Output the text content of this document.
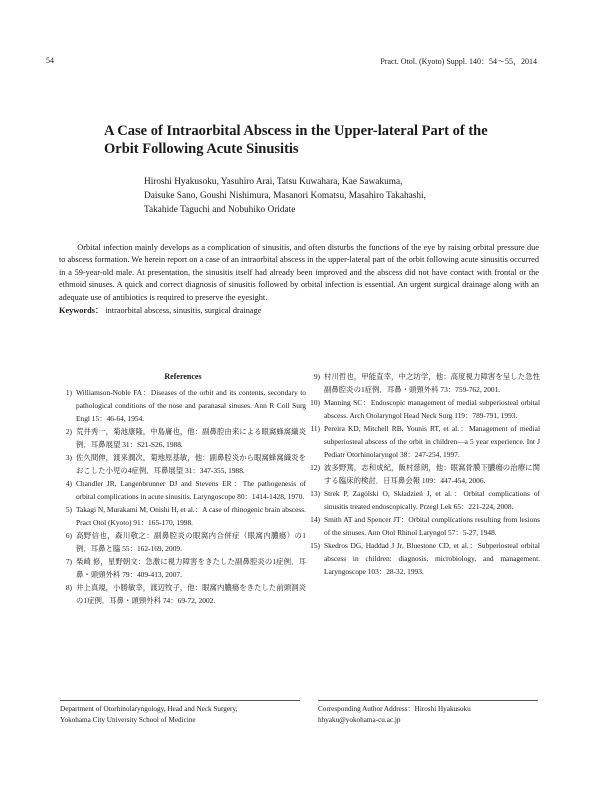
54	Pract. Otol. (Kyoto) Suppl. 140：54～55，2014
A Case of Intraorbital Abscess in the Upper-lateral Part of the Orbit Following Acute Sinusitis
Hiroshi Hyakusoku, Yasuhiro Arai, Tatsu Kuwahara, Kae Sawakuma,
Daisuke Sano, Goushi Nishimura, Masanori Komatsu, Masahiro Takahashi,
Takahide Taguchi and Nobuhiko Oridate

Orbital infection mainly develops as a complication of sinusitis, and often disturbs the functions of the eye by raising orbital pressure due to abscess formation. We herein report on a case of an intraorbital abscess in the upper-lateral part of the orbit following acute sinusitis occurred in a 59-year-old male. At presentation, the sinusitis itself had already been improved and the abscess did not have contact with frontal or the ethmoid sinuses. A quick and correct diagnosis of sinusitis followed by orbital infection is essential. An urgent surgical drainage along with an adequate use of antibiotics is required to preserve the eyesight.

Keywords： intraorbital abscess, sinusitis, surgical drainage
References
1) Williamson-Noble FA：Diseases of the orbit and its contents, secondary to pathological conditions of the nose and paranasal sinuses. Ann R Coll Surg Engl 15：46-64, 1954.
2) 荒井秀一，菊池康隆，中島庸也，他：副鼻腔由来による眼窩蜂窩織炎例．耳鼻展望 31：S21-S26, 1988.
3) 佐久間伸，渡来潤次，菊地原基敏，他：副鼻腔炎から眼窩蜂窩織炎をおこした小児の4症例．耳鼻展望 31：347-355, 1988.
4) Chandler JR, Langenbrunner DJ and Stevens ER：The pathogenesis of orbital complications in acute sinusitis. Laryngoscope 80：1414-1428, 1970.
5) Takagi N, Murakami M, Onishi H, et al.：A case of rhinogenic brain abscess. Pract Otol (Kyoto) 91：165-170, 1998.
6) 高野信也，森川敬之：副鼻腔炎の眼窩内合併症（眼窩内膿瘍）の1例．耳鼻と臨 55：162-169, 2009.
7) 柴崎 修，星野朝文：急激に視力障害をきたした副鼻腔炎の1症例．耳鼻・頭頸外科 79：409-413, 2007.
8) 井上真規，小勝敏幸，渡辺牧子，他：眼窩内膿瘍をきたした前頭洞炎の1症例．耳鼻・頭頸外科 74：69-72, 2002.
9) 村川哲也，甲能直幸，中之坊学，他：高度視力障害を呈した急性副鼻腔炎の1症例．耳鼻・頭頸外科 73：759-762, 2001.
10) Manning SC：Endoscopic management of medial subperiosteal orbital abscess. Arch Otolaryngol Head Neck Surg 119：789-791, 1993.
11) Pereira KD, Mitchell RB, Younis RT, et al.：Management of medial subperiosteal abscess of the orbit in children―a 5 year experience. Int J Pediatr Otorhinolaryngol 38：247-254, 1997.
12) 波多野篤，志和成紀，飯村慈朗，他：眼窩骨膜下膿瘍の治療に関する臨床的検討．日耳鼻会報 109：447-454, 2006.
13) Strek P, Zagólski O, Składzień J, et al.：Orbital complications of sinusitis treated endoscopically. Przegl Lek 65：221-224, 2008.
14) Smith AT and Spencer JT：Orbital complications resulting from lesions of the sinuses. Ann Otol Rhinol Laryngol 57：5-27, 1948.
15) Skedros DG, Haddad J Jr, Bluestone CD, et al.：Subperiosteal orbital abscess in children: diagnosis, microbiology, and management. Laryngoscope 103：28-32, 1993.
Department of Otorhinolaryngology, Head and Neck Surgery,
Yokohama City University School of Medicine
Corresponding Author Address：Hiroshi Hyakusoku
hhyaku@yokohama-cu.ac.jp
